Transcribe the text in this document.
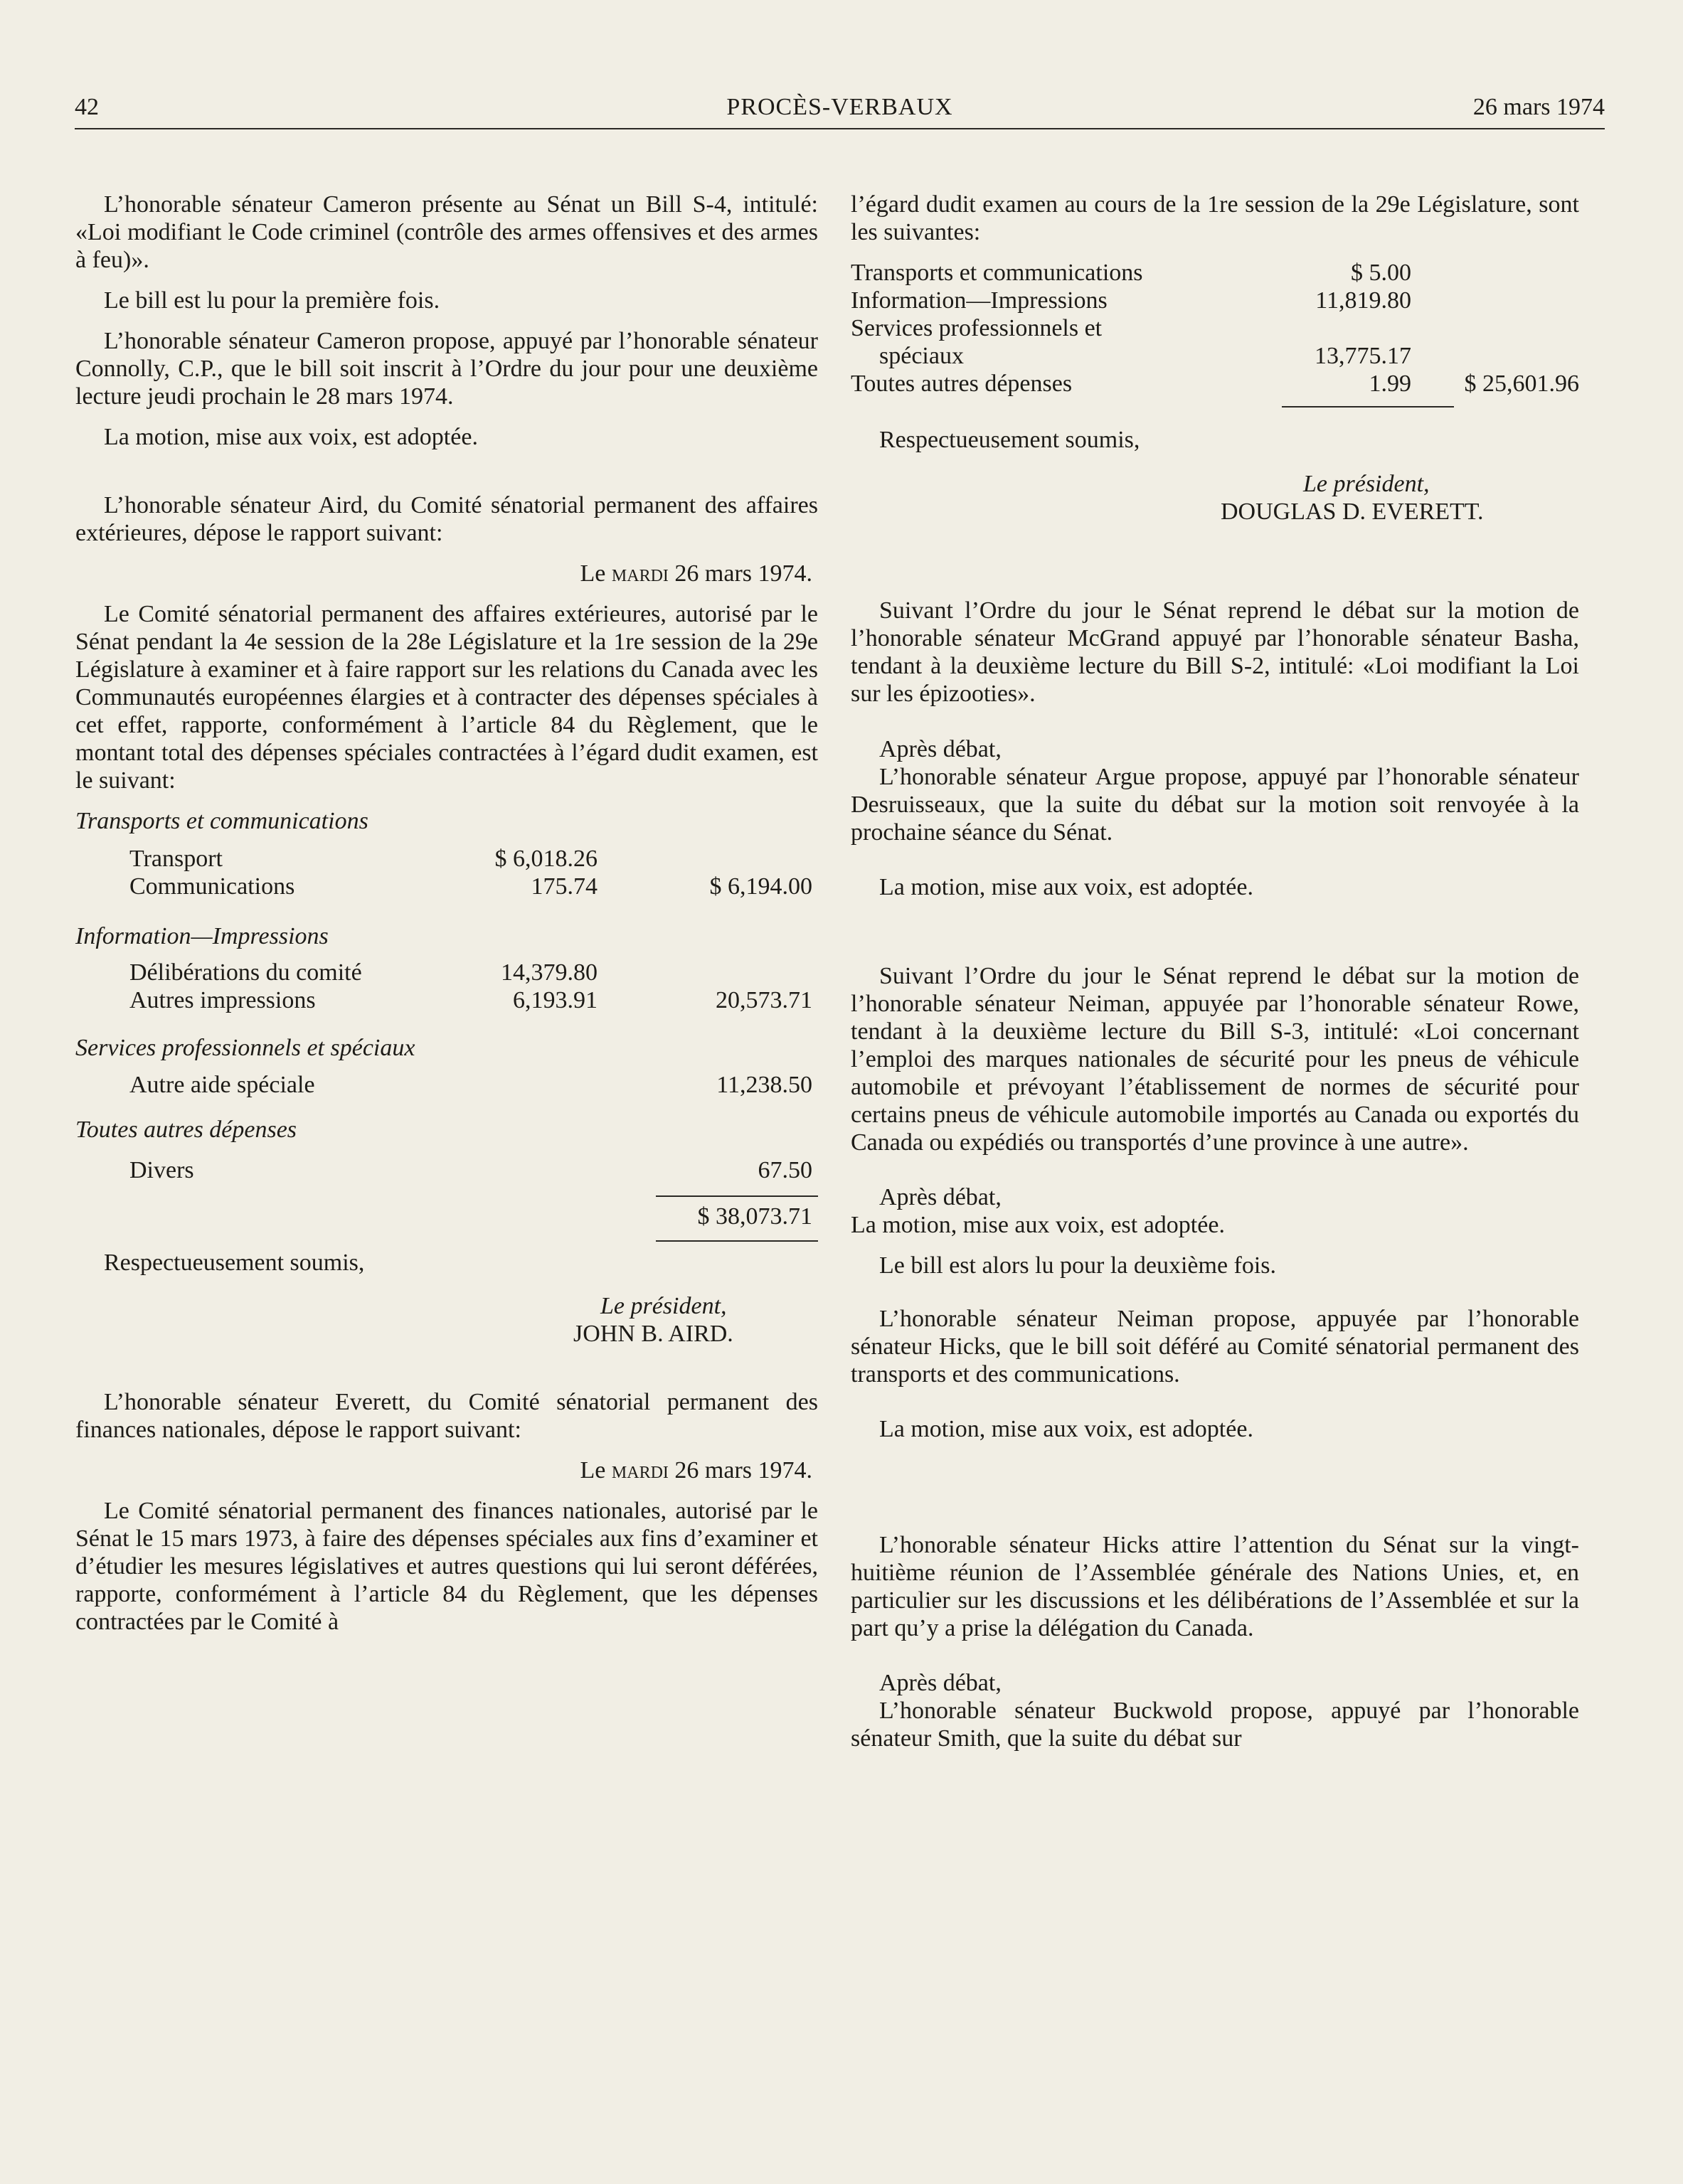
42	PROCÈS-VERBAUX	26 mars 1974

L’honorable sénateur Cameron présente au Sénat un Bill S-4, intitulé: «Loi modifiant le Code criminel (contrôle des armes offensives et des armes à feu)».

Le bill est lu pour la première fois.

L’honorable sénateur Cameron propose, appuyé par l’honorable sénateur Connolly, C.P., que le bill soit inscrit à l’Ordre du jour pour une deuxième lecture jeudi prochain le 28 mars 1974.

La motion, mise aux voix, est adoptée.

L’honorable sénateur Aird, du Comité sénatorial permanent des affaires extérieures, dépose le rapport suivant:

Le mardi 26 mars 1974.

Le Comité sénatorial permanent des affaires extérieures, autorisé par le Sénat pendant la 4e session de la 28e Législature et la 1re session de la 29e Législature à examiner et à faire rapport sur les relations du Canada avec les Communautés européennes élargies et à contracter des dépenses spéciales à cet effet, rapporte, conformément à l’article 84 du Règlement, que le montant total des dépenses spéciales contractées à l’égard dudit examen, est le suivant:

Transports et communications

Transport	$ 6,018.26
Communications	175.74	$ 6,194.00

Information—Impressions

Délibérations du comité	14,379.80
Autres impressions	6,193.91	20,573.71

Services professionnels et spéciaux

Autre aide spéciale	11,238.50

Toutes autres dépenses

Divers	67.50
$ 38,073.71

Respectueusement soumis,

Le président,

JOHN B. AIRD.

L’honorable sénateur Everett, du Comité sénatorial permanent des finances nationales, dépose le rapport suivant:

Le mardi 26 mars 1974.

Le Comité sénatorial permanent des finances nationales, autorisé par le Sénat le 15 mars 1973, à faire des dépenses spéciales aux fins d’examiner et d’étudier les mesures législatives et autres questions qui lui seront déférées, rapporte, conformément à l’article 84 du Règlement, que les dépenses contractées par le Comité à

l’égard dudit examen au cours de la 1re session de la 29e Législature, sont les suivantes:

Transports et communications	$ 5.00
Information—Impressions	11,819.80
Services professionnels et
spéciaux	13,775.17
Toutes autres dépenses	1.99 $ 25,601.96

Respectueusement soumis,

Le président,

DOUGLAS D. EVERETT.

Suivant l’Ordre du jour le Sénat reprend le débat sur la motion de l’honorable sénateur McGrand appuyé par l’honorable sénateur Basha, tendant à la deuxième lecture du Bill S-2, intitulé: «Loi modifiant la Loi sur les épizooties».

Après débat,

L’honorable sénateur Argue propose, appuyé par l’honorable sénateur Desruisseaux, que la suite du débat sur la motion soit renvoyée à la prochaine séance du Sénat.

La motion, mise aux voix, est adoptée.

Suivant l’Ordre du jour le Sénat reprend le débat sur la motion de l’honorable sénateur Neiman, appuyée par l’honorable sénateur Rowe, tendant à la deuxième lecture du Bill S-3, intitulé: «Loi concernant l’emploi des marques nationales de sécurité pour les pneus de véhicule automobile et prévoyant l’établissement de normes de sécurité pour certains pneus de véhicule automobile importés au Canada ou exportés du Canada ou expédiés ou transportés d’une province à une autre».

Après débat,

La motion, mise aux voix, est adoptée.

Le bill est alors lu pour la deuxième fois.

L’honorable sénateur Neiman propose, appuyée par l’honorable sénateur Hicks, que le bill soit déféré au Comité sénatorial permanent des transports et des communications.

La motion, mise aux voix, est adoptée.

L’honorable sénateur Hicks attire l’attention du Sénat sur la vingt-huitième réunion de l’Assemblée générale des Nations Unies, et, en particulier sur les discussions et les délibérations de l’Assemblée et sur la part qu’y a prise la délégation du Canada.

Après débat,

L’honorable sénateur Buckwold propose, appuyé par l’honorable sénateur Smith, que la suite du débat sur
